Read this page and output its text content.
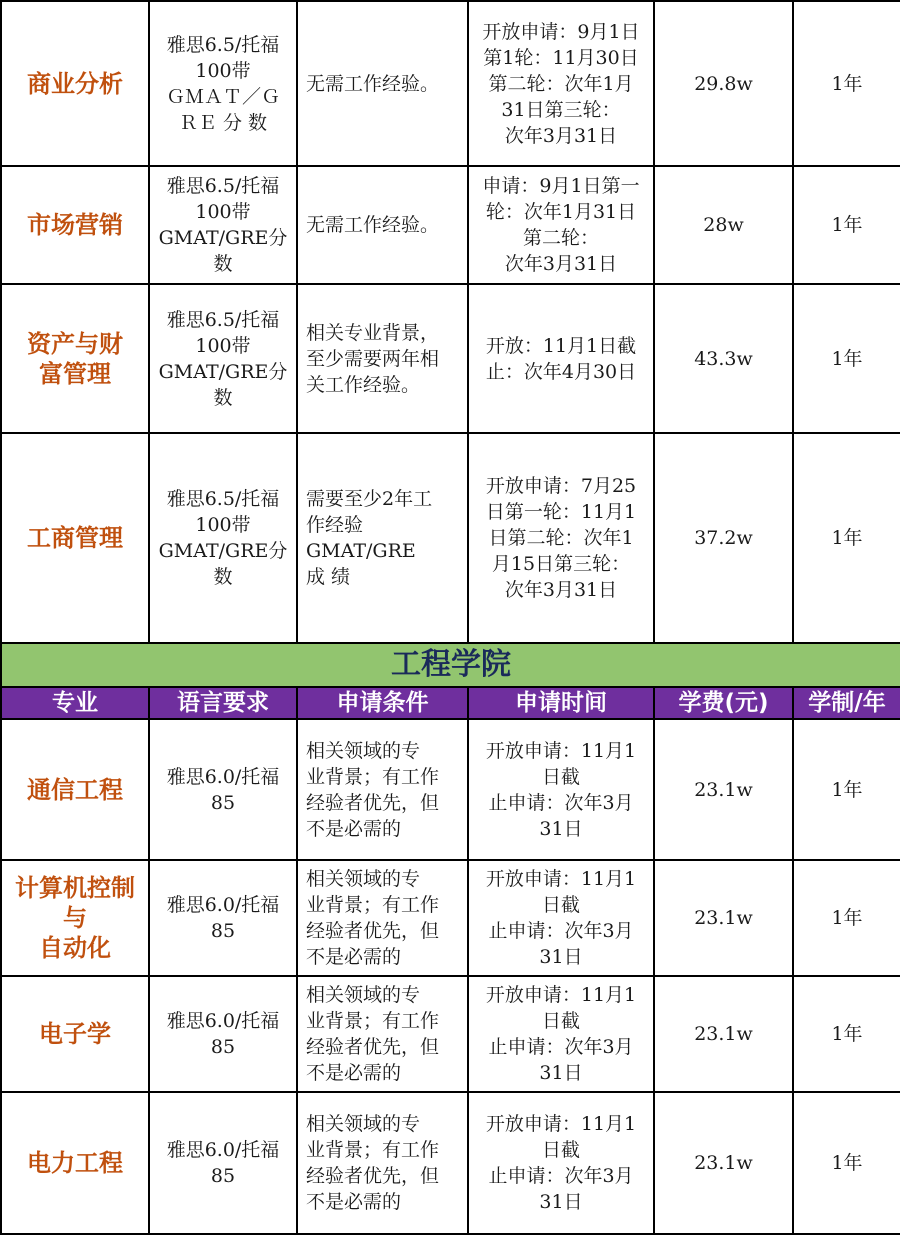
商业分析	雅思6.5/托福
100带
ＧＭＡＴ／Ｇ
ＲＥ 分 数	无需工作经验。	开放申请：9月1日
第1轮：11月30日
第二轮：次年1月
31日第三轮：
次年3月31日	29.8w	1年
市场营销	雅思6.5/托福
100带
GMAT/GRE分数	无需工作经验。	申请：9月1日第一
轮：次年1月31日
第二轮：
次年3月31日	28w	1年
资产与财
富管理	雅思6.5/托福
100带
GMAT/GRE分数	相关专业背景，
至少需要两年相
关工作经验。	开放：11月1日截
止：次年4月30日	43.3w	1年
工商管理	雅思6.5/托福
100带
GMAT/GRE分数	需要至少2年工
作经验GMAT/GRE
成 绩	开放申请：7月25
日第一轮：11月1
日第二轮：次年1
月15日第三轮：
次年3月31日	37.2w	1年
工程学院					
专业	语言要求	申请条件	申请时间	学费(元)	学制/年
通信工程	雅思6.0/托福
85	相关领域的专
业背景；有工作
经验者优先，但
不是必需的	开放申请：11月1
日截
止申请：次年3月
31日	23.1w	1年
计算机控制
与
自动化	雅思6.0/托福
85	相关领域的专
业背景；有工作
经验者优先，但
不是必需的	开放申请：11月1
日截
止申请：次年3月
31日	23.1w	1年
电子学	雅思6.0/托福
85	相关领域的专
业背景；有工作
经验者优先，但
不是必需的	开放申请：11月1
日截
止申请：次年3月
31日	23.1w	1年
电力工程	雅思6.0/托福
85	相关领域的专
业背景；有工作
经验者优先，但
不是必需的	开放申请：11月1
日截
止申请：次年3月
31日	23.1w	1年
